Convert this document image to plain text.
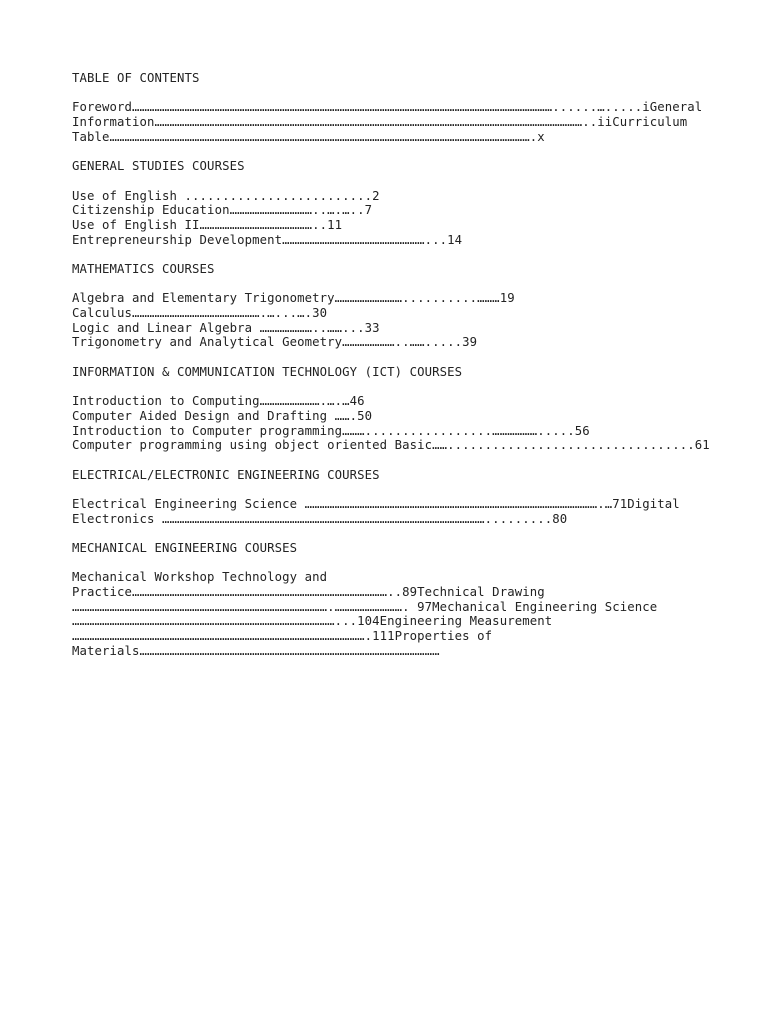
TABLE OF CONTENTS
Foreword……………………………………………………………………………………………………………………………………………………......….....iGeneral
Information………………………………………………………………………………………………………………………………………………………..iiCurriculum
Table…………………………………………………………………………………………………………………………………………………….x
GENERAL STUDIES COURSES
Use of English .........................2
Citizenship Education……………………………..….…..7
Use of English II………………………………………..11
Entrepreneurship Development…………………………………………………...14
MATHEMATICS COURSES
Algebra and Elementary Trigonometry………………………..........………19
Calculus…………………………………………….…...….30
Logic and Linear Algebra …………………..……...33
Trigonometry and Analytical Geometry…………………..…….....39
INFORMATION & COMMUNICATION TECHNOLOGY (ICT) COURSES
Introduction to Computing…………………….….…46
Computer Aided Design and Drafting …….50
Introduction to Computer programming……….................……………….....56
Computer programming using object oriented Basic…….................................61
ELECTRICAL/ELECTRONIC ENGINEERING COURSES
Electrical Engineering Science ……………………………………………………………………………………………………….…71Digital
Electronics ………………………………………………………………………………………………………………….........80
MECHANICAL ENGINEERING COURSES
Mechanical Workshop Technology and
Practice…………………………………………………………………………………………..89Technical Drawing
………………………………………………………………………………………….………………………. 97Mechanical Engineering Science
……………………………………………………………………………………………...104Engineering Measurement
……………………………………………………………………………………………………….111Properties of
Materials…………………………………………………………………………………………………………
